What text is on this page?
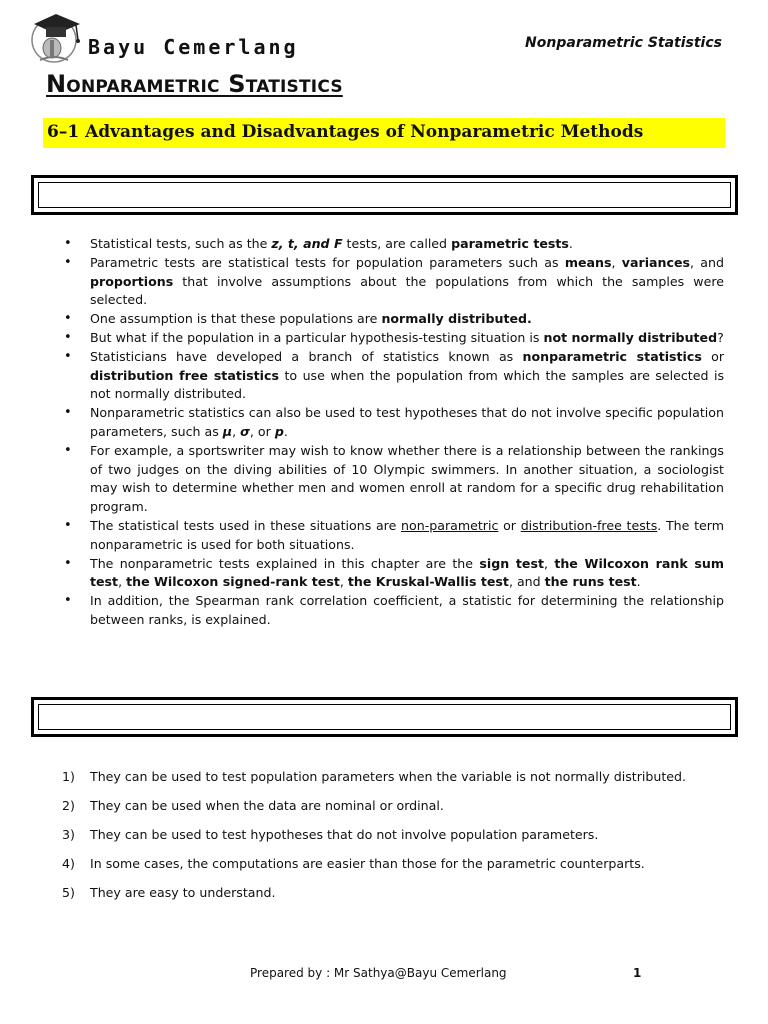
Bayu Cemerlang	Nonparametric Statistics
Nonparametric Statistics
6–1 Advantages and Disadvantages of Nonparametric Methods
• Statistical tests, such as the z, t, and F tests, are called parametric tests.
• Parametric tests are statistical tests for population parameters such as means, variances, and proportions that involve assumptions about the populations from which the samples were selected.
• One assumption is that these populations are normally distributed.
• But what if the population in a particular hypothesis-testing situation is not normally distributed?
• Statisticians have developed a branch of statistics known as nonparametric statistics or distribution free statistics to use when the population from which the samples are selected is not normally distributed.
• Nonparametric statistics can also be used to test hypotheses that do not involve specific population parameters, such as μ, σ, or p.
• For example, a sportswriter may wish to know whether there is a relationship between the rankings of two judges on the diving abilities of 10 Olympic swimmers. In another situation, a sociologist may wish to determine whether men and women enroll at random for a specific drug rehabilitation program.
• The statistical tests used in these situations are non-parametric or distribution-free tests. The term nonparametric is used for both situations.
• The nonparametric tests explained in this chapter are the sign test, the Wilcoxon rank sum test, the Wilcoxon signed-rank test, the Kruskal-Wallis test, and the runs test.
• In addition, the Spearman rank correlation coefficient, a statistic for determining the relationship between ranks, is explained.
1)	They can be used to test population parameters when the variable is not normally distributed.
2)	They can be used when the data are nominal or ordinal.
3)	They can be used to test hypotheses that do not involve population parameters.
4)	In some cases, the computations are easier than those for the parametric counterparts.
5)	They are easy to understand.
Prepared by : Mr Sathya@Bayu Cemerlang	1
